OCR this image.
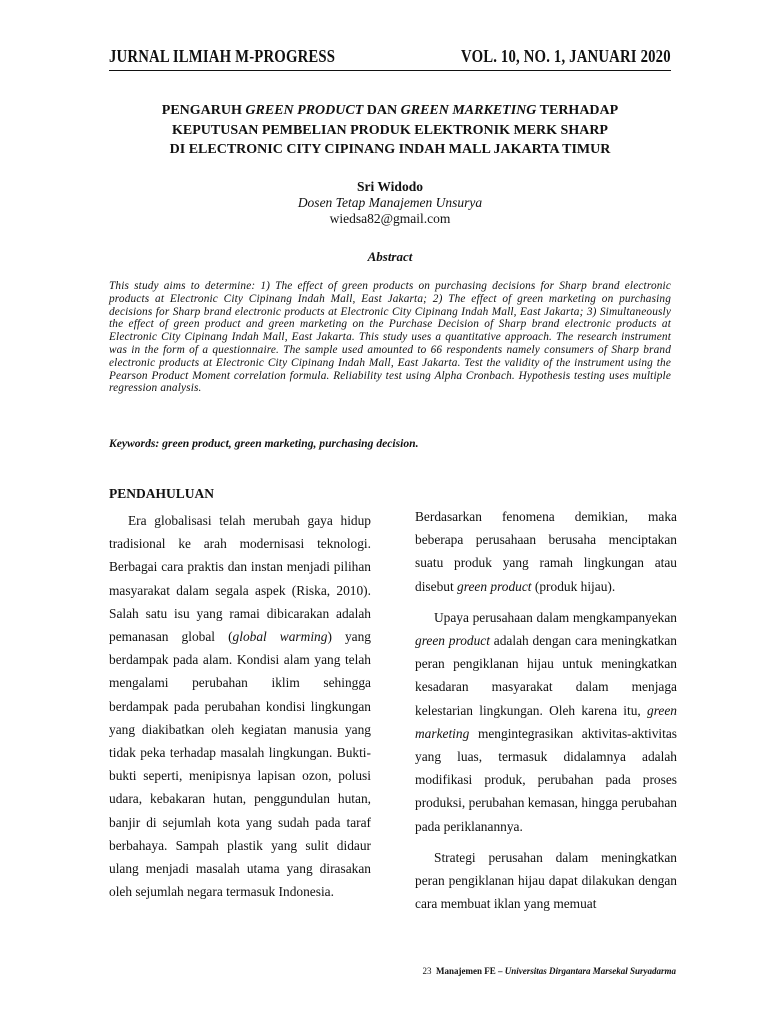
JURNAL ILMIAH M-PROGRESS	VOL. 10, NO. 1, JANUARI 2020
PENGARUH GREEN PRODUCT DAN GREEN MARKETING TERHADAP
KEPUTUSAN PEMBELIAN PRODUK ELEKTRONIK MERK SHARP
DI ELECTRONIC CITY CIPINANG INDAH MALL JAKARTA TIMUR
Sri Widodo
Dosen Tetap Manajemen Unsurya
wiedsa82@gmail.com
Abstract
This study aims to determine: 1) The effect of green products on purchasing decisions for Sharp brand electronic products at Electronic City Cipinang Indah Mall, East Jakarta; 2) The effect of green marketing on purchasing decisions for Sharp brand electronic products at Electronic City Cipinang Indah Mall, East Jakarta; 3) Simultaneously the effect of green product and green marketing on the Purchase Decision of Sharp brand electronic products at Electronic City Cipinang Indah Mall, East Jakarta. This study uses a quantitative approach. The research instrument was in the form of a questionnaire. The sample used amounted to 66 respondents namely consumers of Sharp brand electronic products at Electronic City Cipinang Indah Mall, East Jakarta. Test the validity of the instrument using the Pearson Product Moment correlation formula. Reliability test using Alpha Cronbach. Hypothesis testing uses multiple regression analysis.
Keywords: green product, green marketing, purchasing decision.
PENDAHULUAN

Era globalisasi telah merubah gaya hidup tradisional ke arah modernisasi teknologi. Berbagai cara praktis dan instan menjadi pilihan masyarakat dalam segala aspek (Riska, 2010). Salah satu isu yang ramai dibicarakan adalah pemanasan global (global warming) yang berdampak pada alam. Kondisi alam yang telah mengalami perubahan iklim sehingga berdampak pada perubahan kondisi lingkungan yang diakibatkan oleh kegiatan manusia yang tidak peka terhadap masalah lingkungan. Bukti-bukti seperti, menipisnya lapisan ozon, polusi udara, kebakaran hutan, penggundulan hutan, banjir di sejumlah kota yang sudah pada taraf berbahaya. Sampah plastik yang sulit didaur ulang menjadi masalah utama yang dirasakan oleh sejumlah negara termasuk Indonesia.

Berdasarkan fenomena demikian, maka beberapa perusahaan berusaha menciptakan suatu produk yang ramah lingkungan atau disebut green product (produk hijau).

Upaya perusahaan dalam mengkampanyekan green product adalah dengan cara meningkatkan peran pengiklanan hijau untuk meningkatkan kesadaran masyarakat dalam menjaga kelestarian lingkungan. Oleh karena itu, green marketing mengintegrasikan aktivitas-aktivitas yang luas, termasuk didalamnya adalah modifikasi produk, perubahan pada proses produksi, perubahan kemasan, hingga perubahan pada periklanannya.

Strategi perusahan dalam meningkatkan peran pengiklanan hijau dapat dilakukan dengan cara membuat iklan yang memuat

23 Manajemen FE – Universitas Dirgantara Marsekal Suryadarma
